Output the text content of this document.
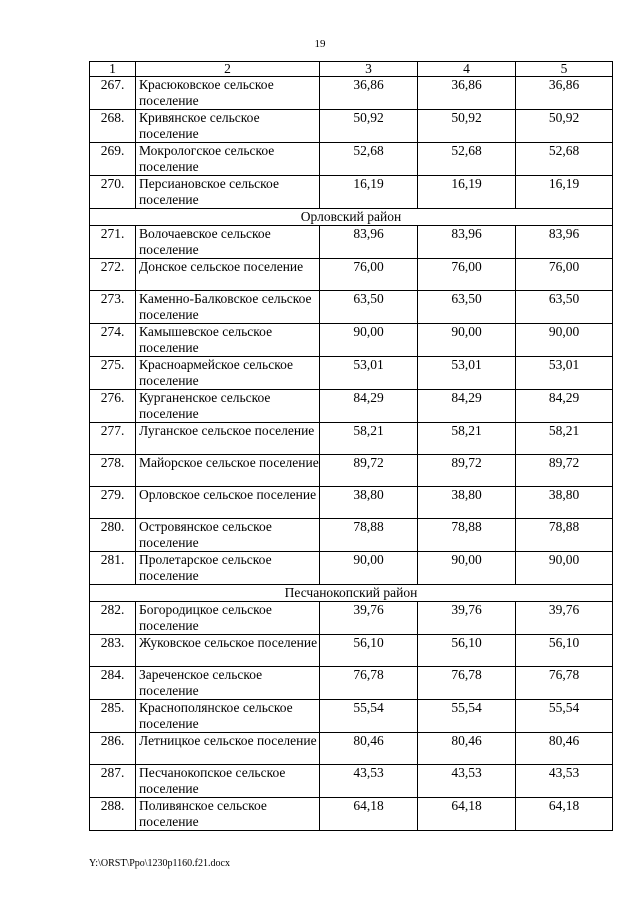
19
1	2	3	4	5
267.	Красюковское сельское поселение	36,86	36,86	36,86
268.	Кривянское сельское поселение	50,92	50,92	50,92
269.	Мокрологское сельское поселение	52,68	52,68	52,68
270.	Персиановское сельское поселение	16,19	16,19	16,19
Орловский район				
271.	Волочаевское сельское поселение	83,96	83,96	83,96
272.	Донское сельское поселение	76,00	76,00	76,00
273.	Каменно-Балковское сельское поселение	63,50	63,50	63,50
274.	Камышевское сельское поселение	90,00	90,00	90,00
275.	Красноармейское сельское поселение	53,01	53,01	53,01
276.	Курганенское сельское поселение	84,29	84,29	84,29
277.	Луганское сельское поселение	58,21	58,21	58,21
278.	Майорское сельское поселение	89,72	89,72	89,72
279.	Орловское сельское поселение	38,80	38,80	38,80
280.	Островянское сельское поселение	78,88	78,88	78,88
281.	Пролетарское сельское поселение	90,00	90,00	90,00
Песчанокопский район				
282.	Богородицкое сельское поселение	39,76	39,76	39,76
283.	Жуковское сельское поселение	56,10	56,10	56,10
284.	Зареченское сельское поселение	76,78	76,78	76,78
285.	Краснополянское сельское поселение	55,54	55,54	55,54
286.	Летницкое сельское поселение	80,46	80,46	80,46
287.	Песчанокопское сельское поселение	43,53	43,53	43,53
288.	Поливянское сельское поселение	64,18	64,18	64,18
Y:\ORST\Ppo\1230p1160.f21.docx
